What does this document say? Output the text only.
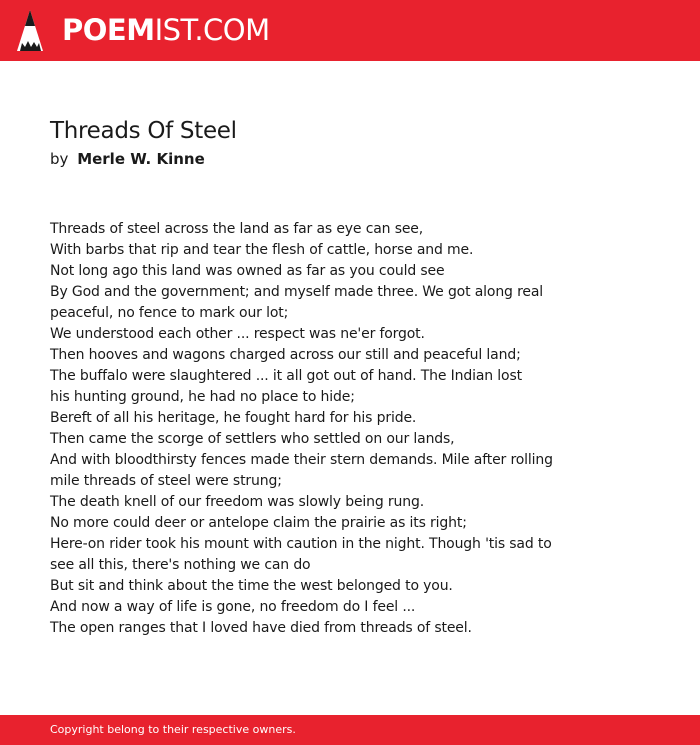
POEMIST.COM
Threads Of Steel
by Merle W. Kinne
Threads of steel across the land as far as eye can see,
With barbs that rip and tear the flesh of cattle, horse and me.
Not long ago this land was owned as far as you could see
By God and the government; and myself made three. We got along real
peaceful, no fence to mark our lot;
We understood each other ... respect was ne'er forgot.
Then hooves and wagons charged across our still and peaceful land;
The buffalo were slaughtered ... it all got out of hand. The Indian lost
his hunting ground, he had no place to hide;
Bereft of all his heritage, he fought hard for his pride.
Then came the scorge of settlers who settled on our lands,
And with bloodthirsty fences made their stern demands. Mile after rolling
mile threads of steel were strung;
The death knell of our freedom was slowly being rung.
No more could deer or antelope claim the prairie as its right;
Here-on rider took his mount with caution in the night. Though 'tis sad to
see all this, there's nothing we can do
But sit and think about the time the west belonged to you.
And now a way of life is gone, no freedom do I feel ...
The open ranges that I loved have died from threads of steel.
Copyright belong to their respective owners.
